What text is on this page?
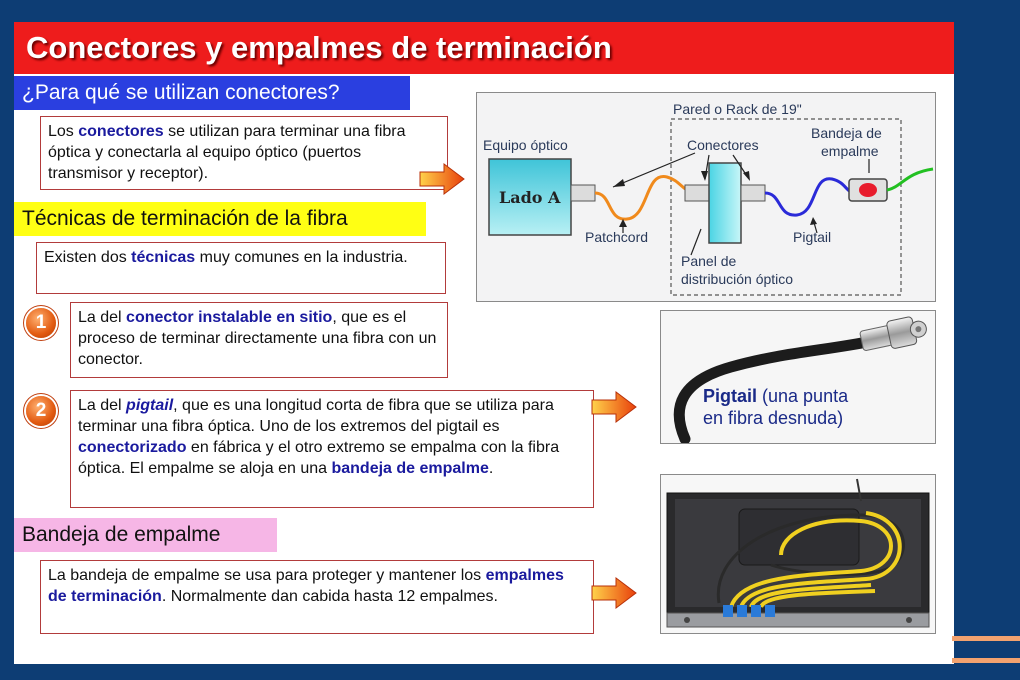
Conectores y empalmes de terminación
¿Para qué se utilizan conectores?
Los conectores se utilizan para terminar una fibra óptica y conectarla al equipo óptico (puertos transmisor y receptor).
Técnicas de terminación de la fibra
Existen dos técnicas muy comunes en la industria.
1	La del conector instalable en sitio, que es el proceso de terminar directamente una fibra con un conector.
2	La del pigtail, que es una longitud corta de fibra que se utiliza para terminar una fibra óptica. Uno de los extremos del pigtail es conectorizado en fábrica y el otro extremo se empalma con la fibra óptica. El empalme se aloja en una bandeja de empalme.
Bandeja de empalme
La bandeja de empalme se usa para proteger y mantener los empalmes de terminación. Normalmente dan cabida hasta 12 empalmes.
Pared o Rack de 19"
Equipo óptico
Lado A
Conectores
Bandeja de
empalme
Patchcord	Pigtail
Panel de
distribución óptico
Pigtail (una punta
en fibra desnuda)
